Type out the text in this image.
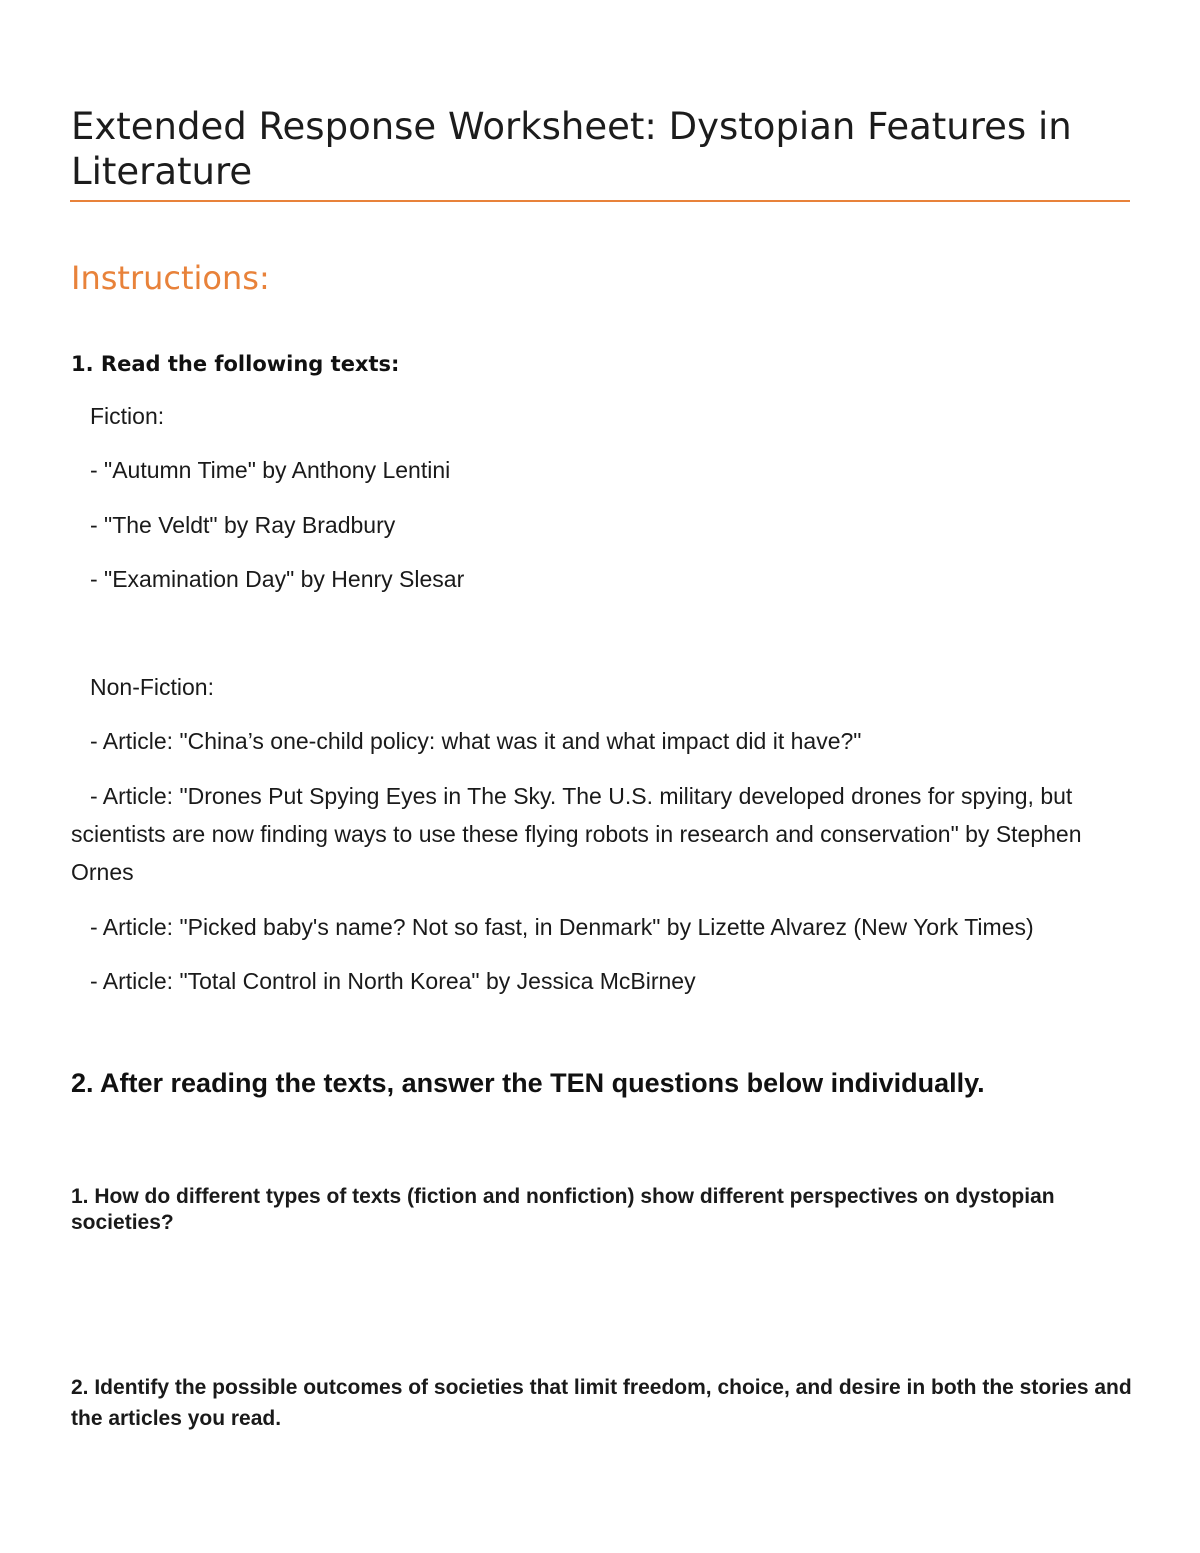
Extended Response Worksheet: Dystopian Features in Literature
Instructions:

1. Read the following texts:

Fiction:

- "Autumn Time" by Anthony Lentini

- "The Veldt" by Ray Bradbury

- "Examination Day" by Henry Slesar

Non-Fiction:

- Article: "China’s one-child policy: what was it and what impact did it have?"

- Article: "Drones Put Spying Eyes in The Sky. The U.S. military developed drones for spying, but scientists are now finding ways to use these flying robots in research and conservation" by Stephen Ornes

- Article: "Picked baby's name? Not so fast, in Denmark" by Lizette Alvarez (New York Times)

- Article: "Total Control in North Korea" by Jessica McBirney

2. After reading the texts, answer the TEN questions below individually.

1. How do different types of texts (fiction and nonfiction) show different perspectives on dystopian societies?

2. Identify the possible outcomes of societies that limit freedom, choice, and desire in both the stories and the articles you read.
